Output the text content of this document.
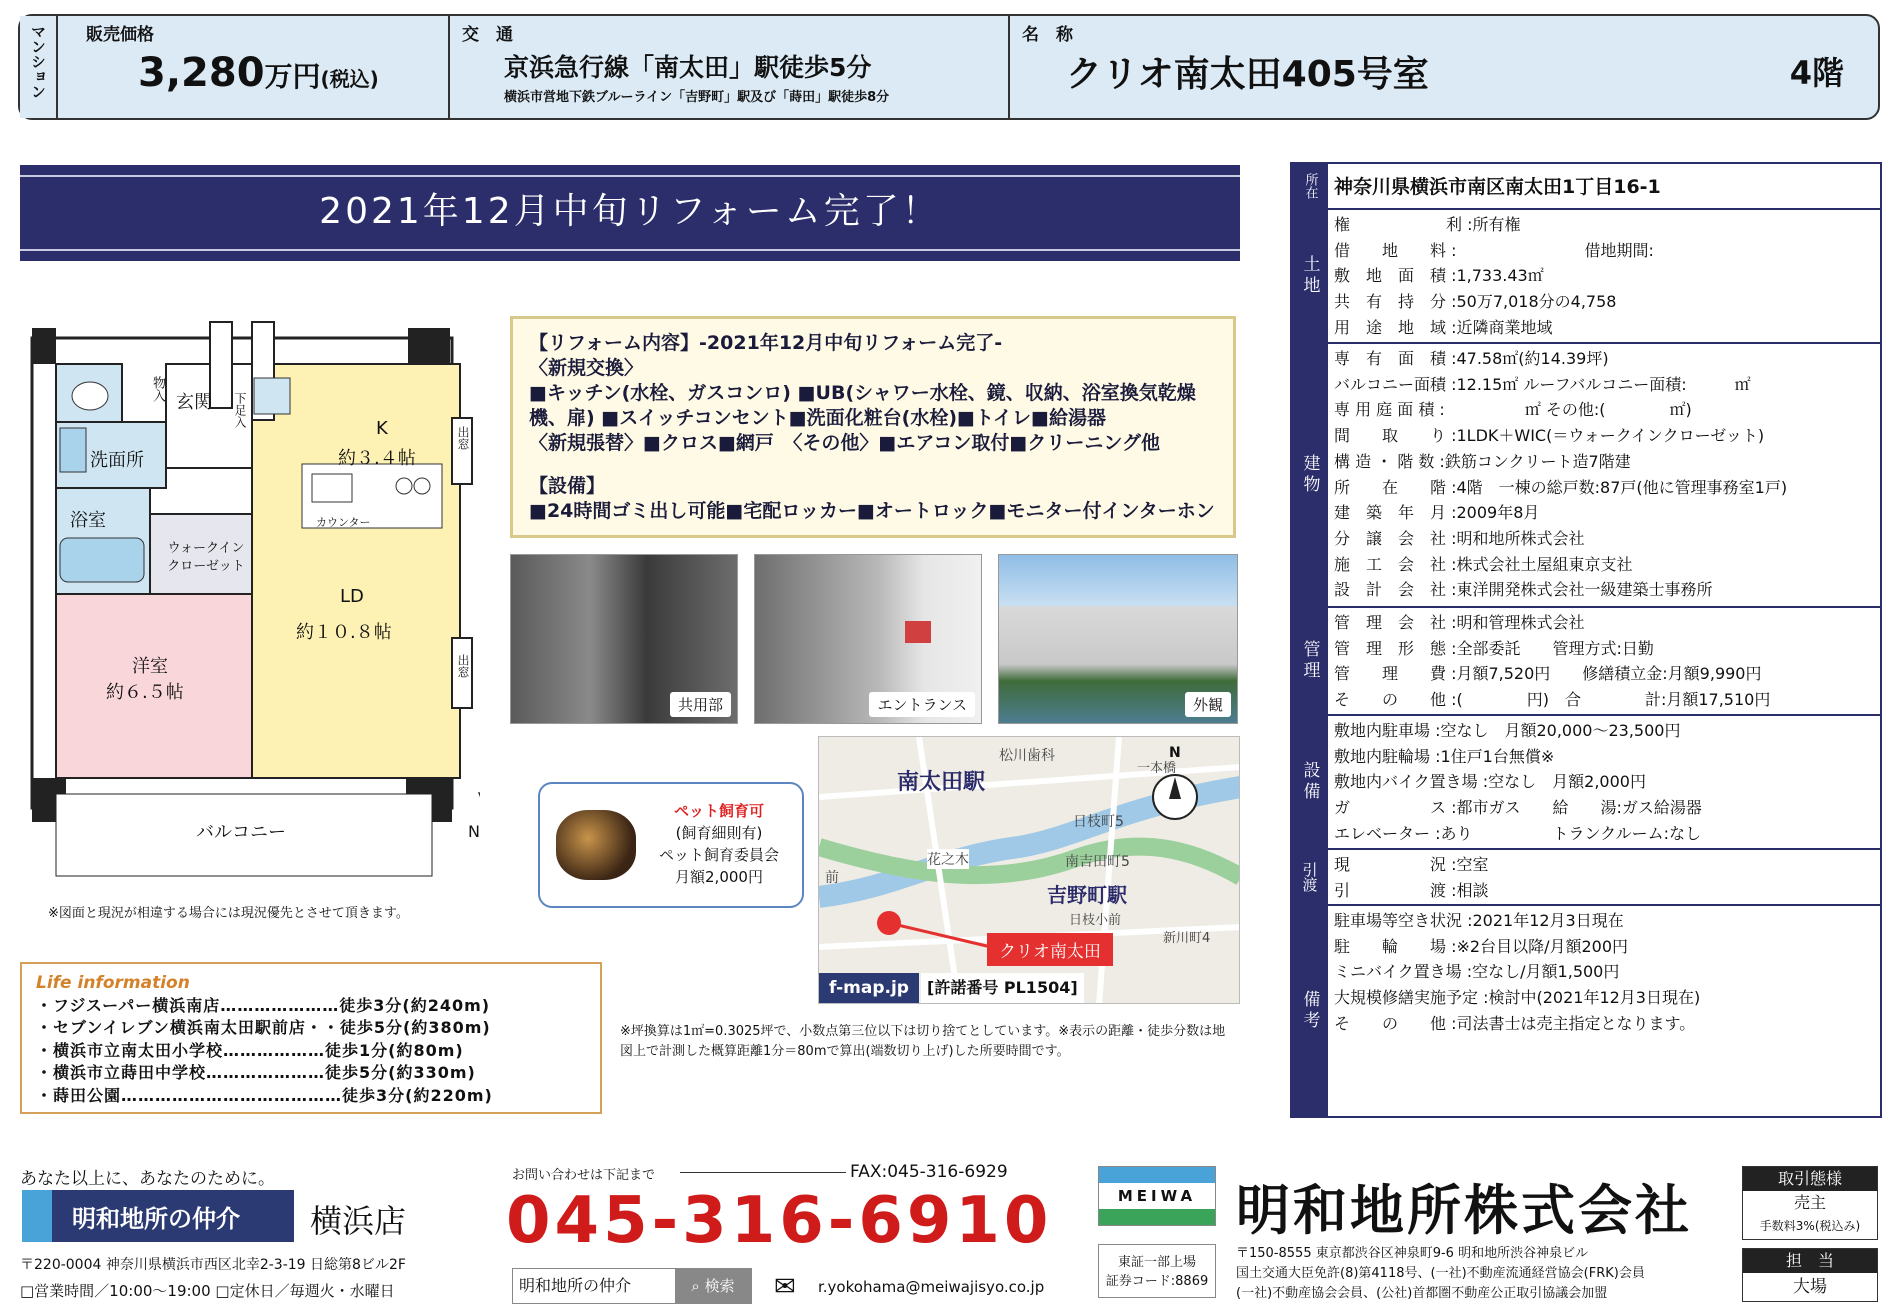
マンション 販売価格
3,280万円(税込)
交　通
京浜急行線「南太田」駅徒歩5分
横浜市営地下鉄ブルーライン「吉野町」駅及び「蒔田」駅徒歩8分
名　称
クリオ南太田405号室	4階
2021年12月中旬リフォーム完了！
物入
玄関 下足入
K
約３.４帖
出窓
洗面所
浴室
ウォークイン クローゼット
カウンター
LD
約１０.８帖
出窓
洋室
約６.５帖
バルコニー	N
※図面と現況が相違する場合には現況優先とさせて頂きます。
【リフォーム内容】-2021年12月中旬リフォーム完了-
〈新規交換〉
■キッチン(水栓、ガスコンロ) ■UB(シャワー水栓、鏡、収納、浴室換気乾燥
機、扉) ■スイッチコンセント■洗面化粧台(水栓)■トイレ■給湯器
〈新規張替〉■クロス■網戸　〈その他〉■エアコン取付■クリーニング他
【設備】
■24時間ゴミ出し可能■宅配ロッカー■オートロック■モニター付インターホン
共用部	エントランス	外観
ペット飼育可
(飼育細則有)
ペット飼育委員会
月額2,000円
南太田駅
吉野町駅
クリオ南太田
松川歯科
日枝町5
南吉田町5
日枝小前
花之木
新川町4
一本橋
前
N
f-map.jp	[許諾番号 PL1504]
※坪換算は1㎡=0.3025坪で、小数点第三位以下は切り捨てとしています。※表示の距離・徒歩分数は地図上で計測した概算距離1分＝80mで算出(端数切り上げ)した所要時間です。
Life information
・フジスーパー横浜南店…………………徒歩3分(約240m)
・セブンイレブン横浜南太田駅前店・・徒歩5分(約380m)
・横浜市立南太田小学校………………徒歩1分(約80m)
・横浜市立蒔田中学校…………………徒歩5分(約330m)
・蒔田公園…………………………………徒歩3分(約220m)
所在 神奈川県横浜市南区南太田1丁目16-1
土地
権　　　　　　利 :所有権
借　　地　　料 :　　　　　　　　借地期間:
敷　地　面　積 :1,733.43㎡
共　有　持　分 :50万7,018分の4,758
用　途　地　域 :近隣商業地域
建物
専　有　面　積 :47.58㎡(約14.39坪)
バルコニー面積 :12.15㎡ ルーフバルコニー面積:　　　㎡
専 用 庭 面 積 :　　　　　㎡ その他:(　　　　㎡)
間　　取　　り :1LDK＋WIC(＝ウォークインクローゼット)
構 造 ・ 階 数 :鉄筋コンクリート造7階建
所　　在　　階 :4階　一棟の総戸数:87戸(他に管理事務室1戸)
建　築　年　月 :2009年8月
分　譲　会　社 :明和地所株式会社
施　工　会　社 :株式会社土屋組東京支社
設　計　会　社 :東洋開発株式会社一級建築士事務所
管理
管　理　会　社 :明和管理株式会社
管　理　形　態 :全部委託　　管理方式:日勤
管　　理　　費 :月額7,520円　　修繕積立金:月額9,990円
そ　　の　　他 :(　　　　円)　合　　　　計:月額17,510円
設備
敷地内駐車場 :空なし　月額20,000～23,500円
敷地内駐輪場 :1住戸1台無償※
敷地内バイク置き場 :空なし　月額2,000円
ガ　　　　　ス :都市ガス　　給　　湯:ガス給湯器
エレベーター :あり　　　　　トランクルーム:なし
引渡 現　　　　　況 :空室
引　　　　　渡 :相談
備考
駐車場等空き状況 :2021年12月3日現在
駐　　輪　　場 :※2台目以降/月額200円
ミニバイク置き場 :空なし/月額1,500円
大規模修繕実施予定 :検討中(2021年12月3日現在)
そ　　の　　他 :司法書士は売主指定となります。
あなた以上に、あなたのために。
明和地所の仲介 横浜店
〒220-0004 神奈川県横浜市西区北幸2-3-19 日総第8ビル2F
□営業時間／10:00～19:00 □定休日／毎週火・水曜日
お問い合わせは下記まで	FAX:045-316-6929
045-316-6910
明和地所の仲介	⌕ 検索	✉ r.yokohama@meiwajisyo.co.jp
MEIWA
東証一部上場
証券コード:8869
明和地所株式会社
〒150-8555 東京都渋谷区神泉町9-6 明和地所渋谷神泉ビル
国土交通大臣免許(8)第4118号、(一社)不動産流通経営協会(FRK)会員
(一社)不動産協会会員、(公社)首都圏不動産公正取引協議会加盟
取引態様
売主
手数料3%(税込み)
担　当
大場
